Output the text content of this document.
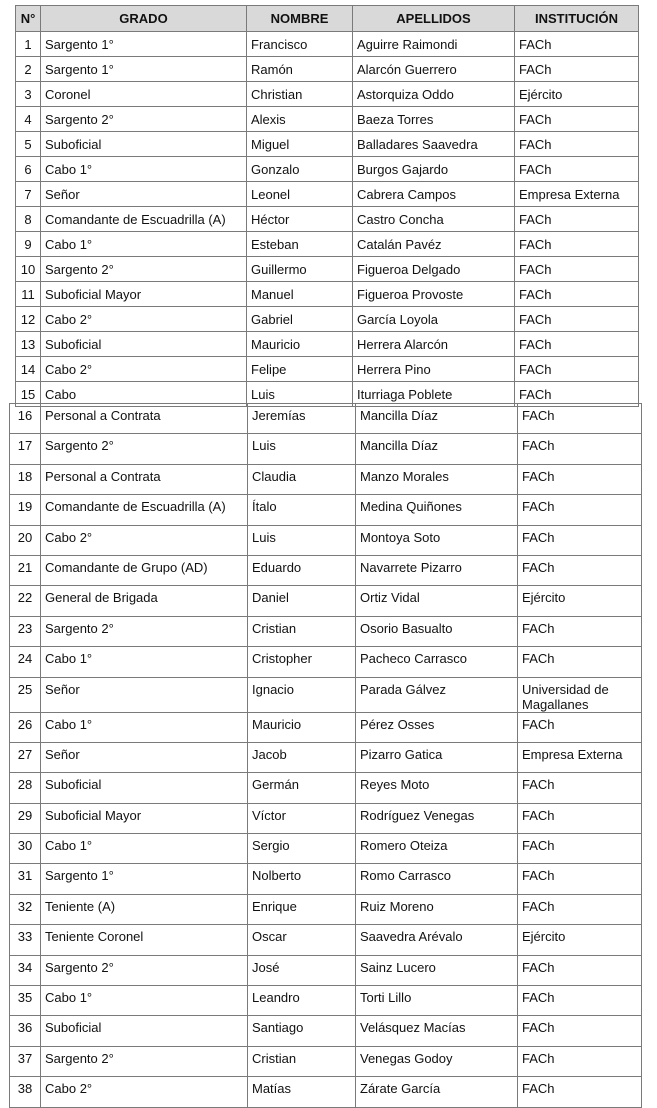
N°	GRADO	NOMBRE	APELLIDOS	INSTITUCIÓN
1	Sargento 1°	Francisco	Aguirre Raimondi	FACh
2	Sargento 1°	Ramón	Alarcón Guerrero	FACh
3	Coronel	Christian	Astorquiza Oddo	Ejército
4	Sargento 2°	Alexis	Baeza Torres	FACh
5	Suboficial	Miguel	Balladares Saavedra	FACh
6	Cabo 1°	Gonzalo	Burgos Gajardo	FACh
7	Señor	Leonel	Cabrera Campos	Empresa Externa
8	Comandante de Escuadrilla (A)	Héctor	Castro Concha	FACh
9	Cabo 1°	Esteban	Catalán Pavéz	FACh
10	Sargento 2°	Guillermo	Figueroa Delgado	FACh
11	Suboficial Mayor	Manuel	Figueroa Provoste	FACh
12	Cabo 2°	Gabriel	García Loyola	FACh
13	Suboficial	Mauricio	Herrera Alarcón	FACh
14	Cabo 2°	Felipe	Herrera Pino	FACh
15	Cabo	Luis	Iturriaga Poblete	FACh
16	Personal a Contrata	Jeremías	Mancilla Díaz	FACh
17	Sargento 2°	Luis	Mancilla Díaz	FACh
18	Personal a Contrata	Claudia	Manzo Morales	FACh
19	Comandante de Escuadrilla (A)	Ítalo	Medina Quiñones	FACh
20	Cabo 2°	Luis	Montoya Soto	FACh
21	Comandante de Grupo (AD)	Eduardo	Navarrete Pizarro	FACh
22	General de Brigada	Daniel	Ortiz Vidal	Ejército
23	Sargento 2°	Cristian	Osorio Basualto	FACh
24	Cabo 1°	Cristopher	Pacheco Carrasco	FACh
25	Señor	Ignacio	Parada Gálvez	Universidad de Magallanes
26	Cabo 1°	Mauricio	Pérez Osses	FACh
27	Señor	Jacob	Pizarro Gatica	Empresa Externa
28	Suboficial	Germán	Reyes Moto	FACh
29	Suboficial Mayor	Víctor	Rodríguez Venegas	FACh
30	Cabo 1°	Sergio	Romero Oteiza	FACh
31	Sargento 1°	Nolberto	Romo Carrasco	FACh
32	Teniente (A)	Enrique	Ruiz Moreno	FACh
33	Teniente Coronel	Oscar	Saavedra Arévalo	Ejército
34	Sargento 2°	José	Sainz Lucero	FACh
35	Cabo 1°	Leandro	Torti Lillo	FACh
36	Suboficial	Santiago	Velásquez Macías	FACh
37	Sargento 2°	Cristian	Venegas Godoy	FACh
38	Cabo 2°	Matías	Zárate García	FACh
